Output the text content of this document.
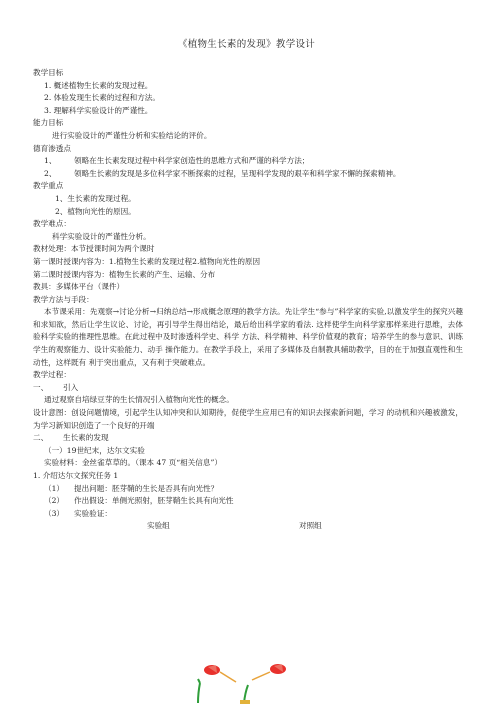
《植物生长素的发现》教学设计
教学目标
1. 概述植物生长素的发现过程。
2. 体验发现生长素的过程和方法。
3. 理解科学实验设计的严谨性。
能力目标
进行实验设计的严谨性分析和实验结论的评价。
德育渗透点
1、 领略在生长素发现过程中科学家创造性的思维方式和严谨的科学方法；
2、 领略生长素的发现是多位科学家不断探索的过程，呈现科学发现的艰辛和科学家不懈的探索精神。
教学重点
1、生长素的发现过程。
2、植物向光性的原因。
教学难点：
科学实验设计的严谨性分析。
教材处理：本节授课时间为两个课时
第一课时授课内容为：1.植物生长素的发现过程2.植物向光性的原因
第二课时授课内容为：植物生长素的产生、运输、分布
教具：多媒体平台（课件）
教学方法与手段：
本节课采用：先观察→讨论分析→归纳总结→形成概念原理的教学方法。先让学生“参与”科学家的实验,以激发学生的探究兴趣和求知欲，然后让学生议论、讨论，再引导学生得出结论，最后给出科学家的看法. 这样使学生向科学家那样来进行思维，去体验科学实验的推理性思维。在此过程中及时渗透科学史、科学 方法、科学精神、科学价值观的教育；培养学生的参与意识、训练学生的观察能力、设计实验能力、动手 操作能力。在教学手段上，采用了多媒体及自制教具辅助教学，目的在于加强直观性和生动性，这样既有 利于突出重点，又有利于突破难点。
教学过程：
一、 引入
通过观察自培绿豆芽的生长情况引入植物向光性的概念。
设计意图：创设问题情境，引起学生认知冲突和认知期待，促使学生应用已有的知识去探索新问题，学习 的动机和兴趣被激发，为学习新知识创造了一个良好的开端
二、 生长素的发现
（一）19世纪末，达尔文实验
实验材料：金丝雀草草的。（课本 47 页“相关信息”）
1. 介绍达尔文探究任务 1
（1） 提出问题：胚芽鞘的生长是否具有向光性？
（2） 作出假设：单侧光照射，胚芽鞘生长具有向光性
（3） 实验验证：
实验组	对照组
